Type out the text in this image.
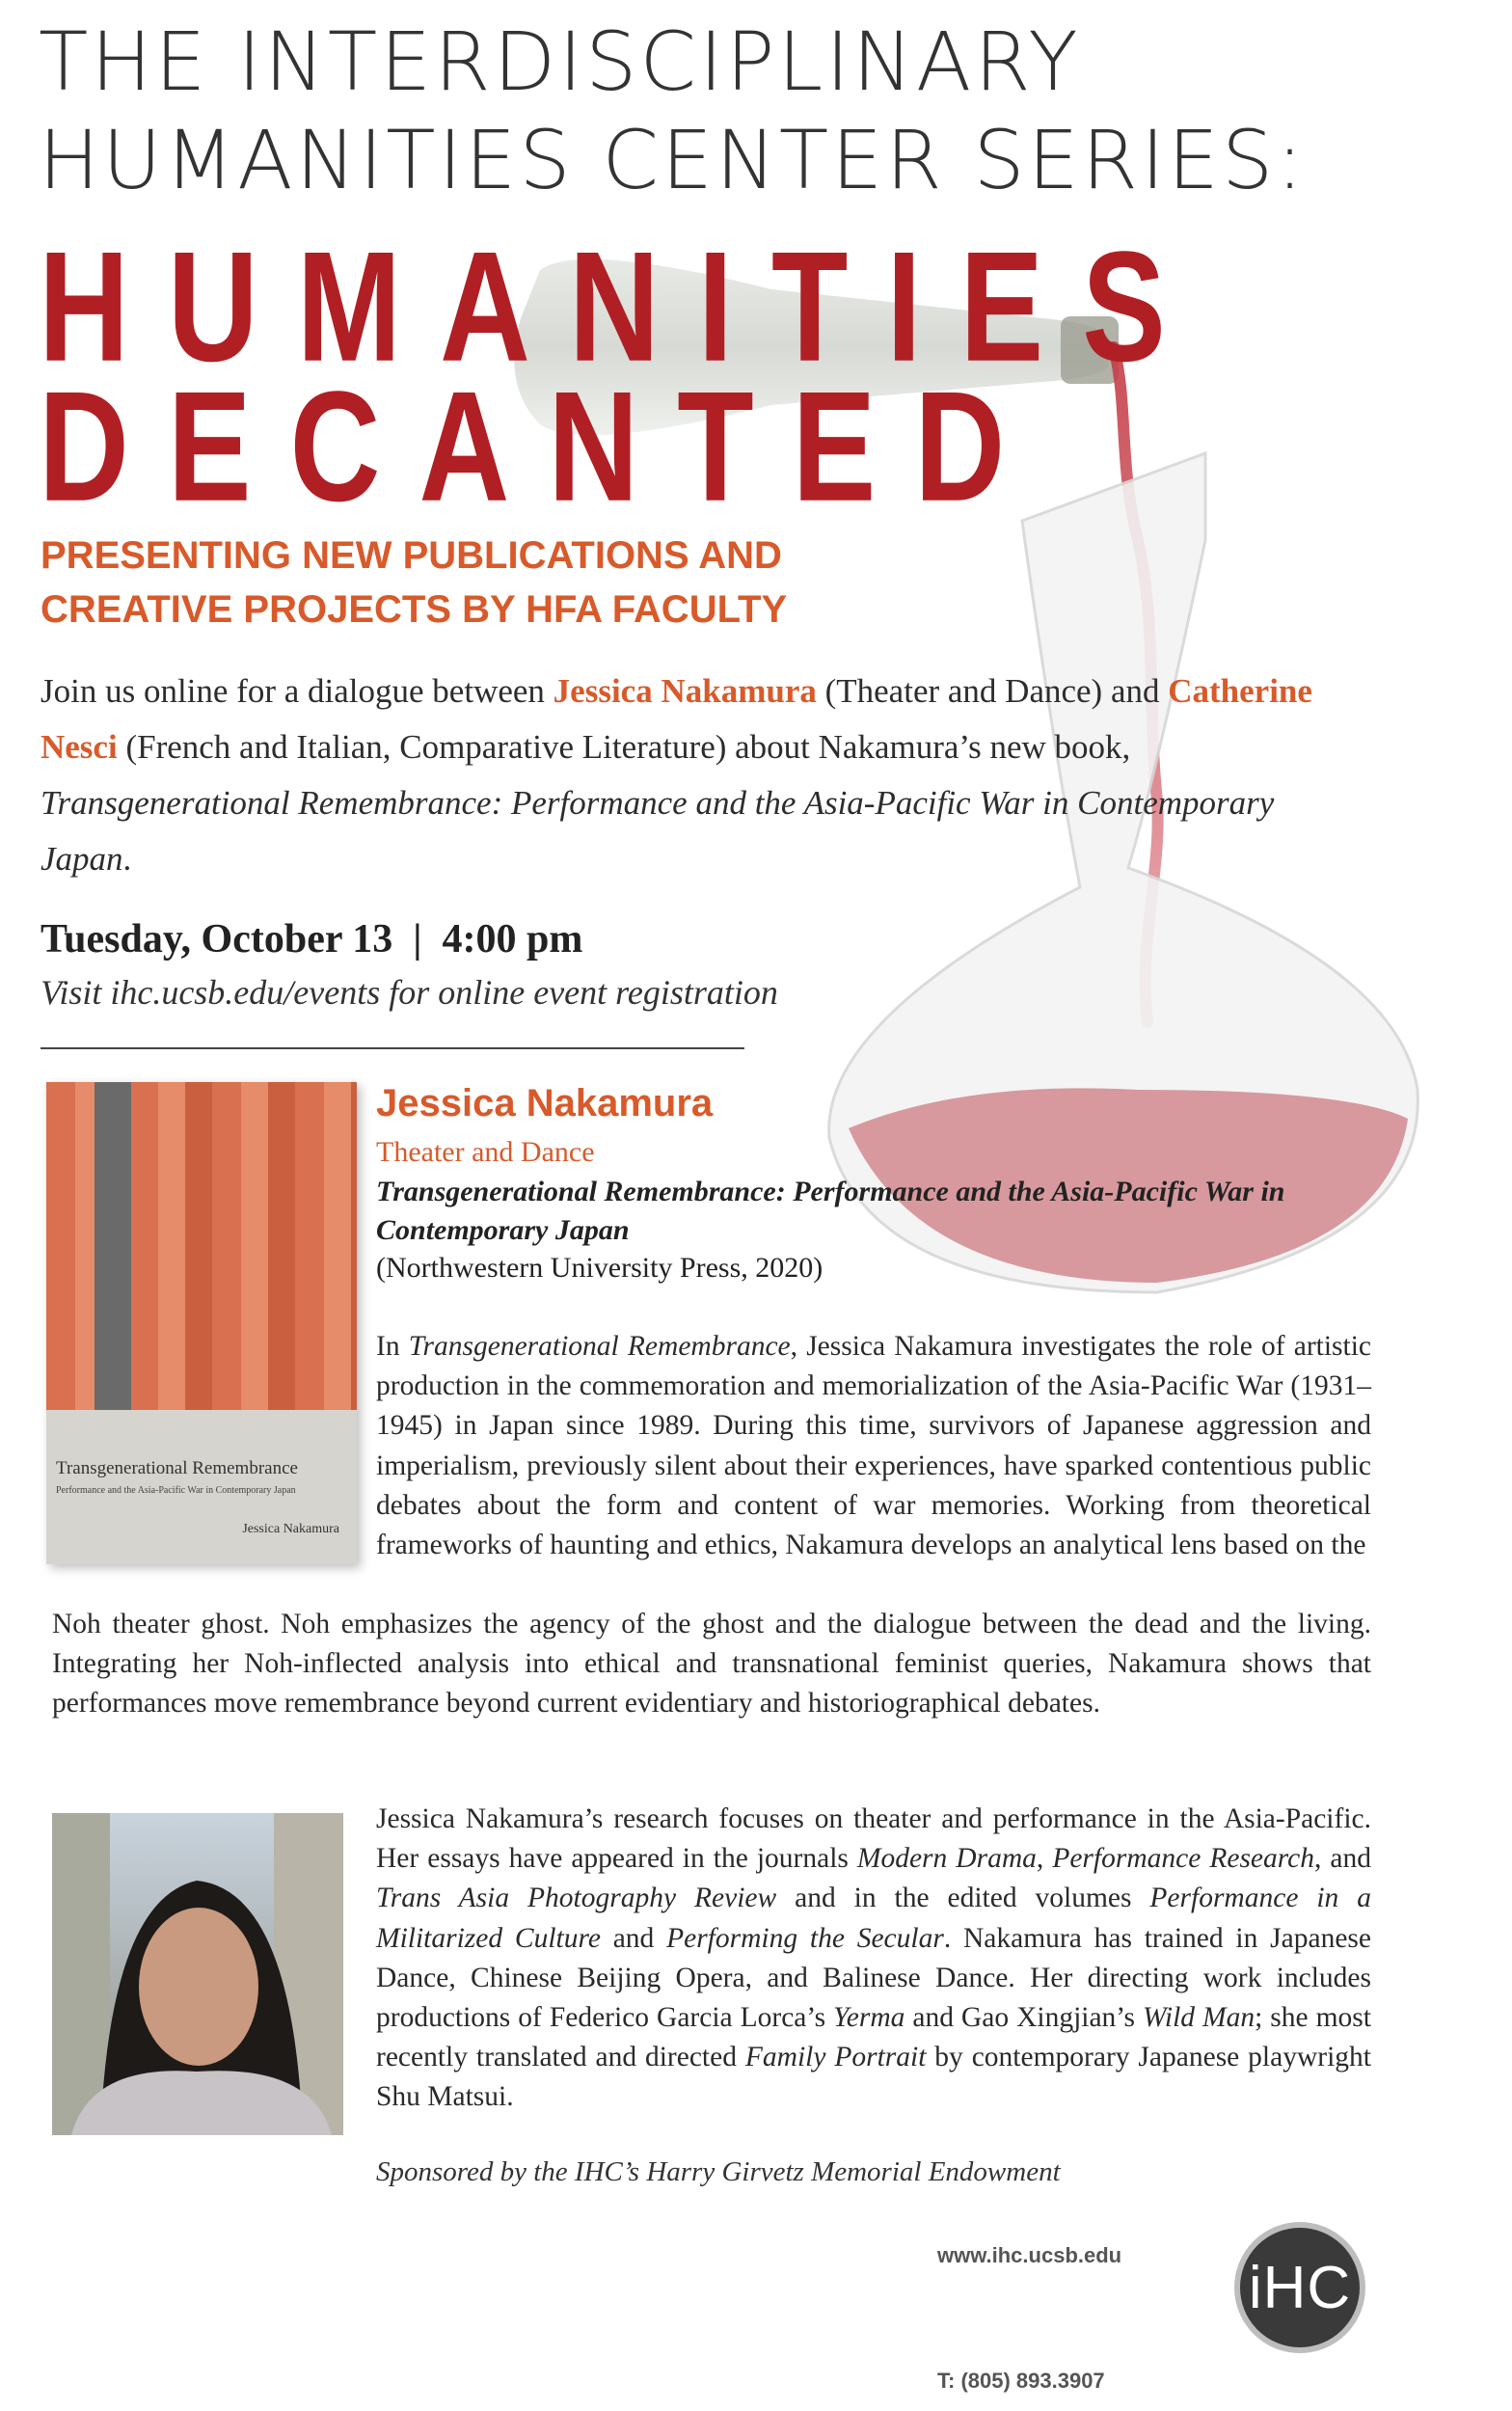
THE INTERDISCIPLINARY
HUMANITIES CENTER SERIES:
HUMANITIES
DECANTED
PRESENTING NEW PUBLICATIONS AND
CREATIVE PROJECTS BY HFA FACULTY
Join us online for a dialogue between Jessica Nakamura (Theater and Dance) and Catherine Nesci (French and Italian, Comparative Literature) about Nakamura’s new book, Transgenerational Remembrance: Performance and the Asia-Pacific War in Contemporary Japan.
Tuesday, October 13  |  4:00 pm
Visit ihc.ucsb.edu/events for online event registration
Transgenerational Remembrance
Performance and the Asia-Pacific War in Contemporary Japan
Jessica Nakamura
Jessica Nakamura
Theater and Dance
Transgenerational Remembrance: Performance and the Asia-Pacific War in Contemporary Japan
(Northwestern University Press, 2020)
In Transgenerational Remembrance, Jessica Nakamura investigates the role of artistic production in the commemoration and memorialization of the Asia-Pacific War (1931–1945) in Japan since 1989. During this time, survivors of Japanese aggression and imperialism, previously silent about their experiences, have sparked contentious public debates about the form and content of war memories. Working from theoretical frameworks of haunting and ethics, Nakamura develops an analytical lens based on the
Noh theater ghost. Noh emphasizes the agency of the ghost and the dialogue between the dead and the living. Integrating her Noh-inflected analysis into ethical and transnational feminist queries, Nakamura shows that performances move remembrance beyond current evidentiary and historiographical debates.
Jessica Nakamura’s research focuses on theater and performance in the Asia-Pacific. Her essays have appeared in the journals Modern Drama, Performance Research, and Trans Asia Photography Review and in the edited volumes Performance in a Militarized Culture and Performing the Secular. Nakamura has trained in Japanese Dance, Chinese Beijing Opera, and Balinese Dance. Her directing work includes productions of Federico Garcia Lorca’s Yerma and Gao Xingjian’s Wild Man; she most recently translated and directed Family Portrait by contemporary Japanese playwright Shu Matsui.
Sponsored by the IHC’s Harry Girvetz Memorial Endowment
www.ihc.ucsb.edu
T: (805) 893.3907
iHC
